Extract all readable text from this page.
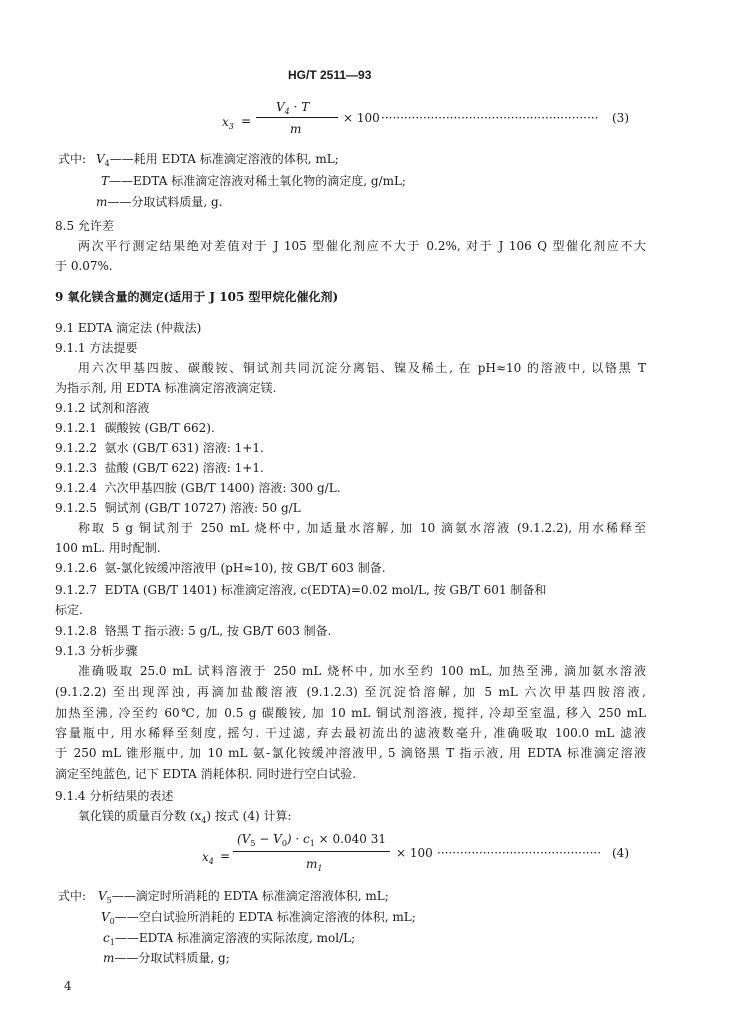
HG/T 2511—93
$x_3$ =
$V_4 \cdot T$
m
× 100 ·····	(3)
式中: $V_4——$耗用 EDTA 标准滴定溶液的体积, mL;
T——EDTA 标准滴定溶液对稀土氧化物的滴定度, g/mL;
m——分取试料质量, g.
8.5 允许差
两次平行测定结果绝对差值对于 J 105 型催化剂应不大于 0.2%, 对于 J 106 Q 型催化剂应不大
于 0.07%.
9 氧化镁含量的测定(适用于 J 105 型甲烷化催化剂)
9.1 EDTA 滴定法 (仲裁法)
9.1.1 方法提要
用六次甲基四胺、碳酸铵、铜试剂共同沉淀分离铝、镍及稀土, 在 pH≈10 的溶液中, 以铬黑 T
为指示剂, 用 EDTA 标准滴定溶液滴定镁.
9.1.2 试剂和溶液
9.1.2.1 碳酸铵 (GB/T 662).
9.1.2.2 氨水 (GB/T 631) 溶液: 1+1.
9.1.2.3 盐酸 (GB/T 622) 溶液: 1+1.
9.1.2.4 六次甲基四胺 (GB/T 1400) 溶液: 300 g/L.
9.1.2.5 铜试剂 (GB/T 10727) 溶液: 50 g/L
称取 5 g 铜试剂于 250 mL 烧杯中, 加适量水溶解, 加 10 滴氨水溶液 (9.1.2.2), 用水稀释至
100 mL. 用时配制.
9.1.2.6 氨-氯化铵缓冲溶液甲 (pH≈10), 按 GB/T 603 制备.
9.1.2.7 EDTA (GB/T 1401) 标准滴定溶液, c(EDTA)=0.02 mol/L, 按 GB/T 601 制备和
标定.
9.1.2.8 铬黑 T 指示液: 5 g/L, 按 GB/T 603 制备.
9.1.3 分析步骤
准确吸取 25.0 mL 试料溶液于 250 mL 烧杯中, 加水至约 100 mL, 加热至沸, 滴加氨水溶液
(9.1.2.2) 至出现浑浊, 再滴加盐酸溶液 (9.1.2.3) 至沉淀恰溶解, 加 5 mL 六次甲基四胺溶液,
加热至沸, 冷至约 60℃, 加 0.5 g 碳酸铵, 加 10 mL 铜试剂溶液, 搅拌, 冷却至室温, 移入 250 mL
容量瓶中, 用水稀释至刻度, 摇匀. 干过滤, 弃去最初流出的滤液数毫升, 准确吸取 100.0 mL 滤液
于 250 mL 锥形瓶中, 加 10 mL 氨-氯化铵缓冲溶液甲, 5 滴铬黑 T 指示液, 用 EDTA 标准滴定溶液
滴定至纯蓝色, 记下 EDTA 消耗体积. 同时进行空白试验.
9.1.4 分析结果的表述
氧化镁的质量百分数 $(x_4)$ 按式 (4) 计算:
$x_4$ =
$(V_5 - V_0) \cdot c_1 \times 0.040$ 31
$m_1$
× 100 ·····	(4)
式中: $V_5——$滴定时所消耗的 EDTA 标准滴定溶液体积, mL;
$V_0——$空白试验所消耗的 EDTA 标准滴定溶液的体积, mL;
$c_1——EDTA$ 标准滴定溶液的实际浓度, mol/L;
m——分取试料质量, g;
4
